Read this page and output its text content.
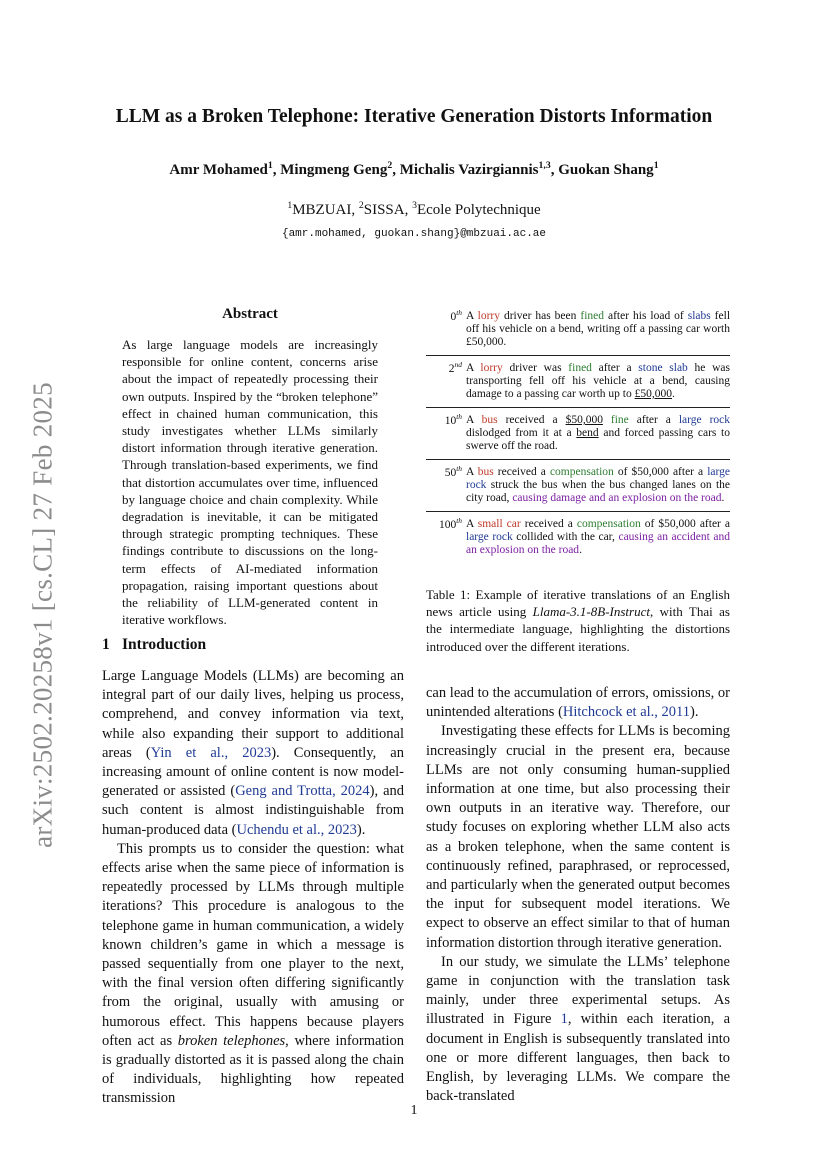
arXiv:2502.20258v1 [cs.CL] 27 Feb 2025
LLM as a Broken Telephone: Iterative Generation Distorts Information
Amr Mohamed$^1$, Mingmeng Geng$^2$, Michalis Vazirgiannis$^{1,3}$, Guokan Shang$^1$
$^1$MBZUAI, $^2$SISSA, $^3$Ecole Polytechnique
{amr.mohamed, guokan.shang}@mbzuai.ac.ae
Abstract
As large language models are increasingly responsible for online content, concerns arise about the impact of repeatedly processing their own outputs. Inspired by the “broken telephone” effect in chained human communication, this study investigates whether LLMs similarly distort information through iterative generation. Through translation-based experiments, we find that distortion accumulates over time, influenced by language choice and chain complexity. While degradation is inevitable, it can be mitigated through strategic prompting techniques. These findings contribute to discussions on the long-term effects of AI-mediated information propagation, raising important questions about the reliability of LLM-generated content in iterative workflows.
1 Introduction

Large Language Models (LLMs) are becoming an integral part of our daily lives, helping us process, comprehend, and convey information via text, while also expanding their support to additional areas (Yin et al., 2023). Consequently, an increasing amount of online content is now model-generated or assisted (Geng and Trotta, 2024), and such content is almost indistinguishable from human-produced data (Uchendu et al., 2023).

This prompts us to consider the question: what effects arise when the same piece of information is repeatedly processed by LLMs through multiple iterations? This procedure is analogous to the telephone game in human communication, a widely known children’s game in which a message is passed sequentially from one player to the next, with the final version often differing significantly from the original, usually with amusing or humorous effect. This happens because players often act as broken telephones, where information is gradually distorted as it is passed along the chain of individuals, highlighting how repeated transmission

0th A lorry driver has been fined after his load of slabs fell off his vehicle on a bend, writing off a passing car worth £50,000.
2nd A lorry driver was fined after a stone slab he was transporting fell off his vehicle at a bend, causing damage to a passing car worth up to £50,000.
10th A bus received a $50,000 fine after a large rock dislodged from it at a bend and forced passing cars to swerve off the road.
50th A bus received a compensation of $50,000 after a large rock struck the bus when the bus changed lanes on the city road, causing damage and an explosion on the road.
100th A small car received a compensation of $50,000 after a large rock collided with the car, causing an accident and an explosion on the road.
Table 1: Example of iterative translations of an English news article using Llama-3.1-8B-Instruct, with Thai as the intermediate language, highlighting the distortions introduced over the different iterations.

can lead to the accumulation of errors, omissions, or unintended alterations (Hitchcock et al., 2011).

Investigating these effects for LLMs is becoming increasingly crucial in the present era, because LLMs are not only consuming human-supplied information at one time, but also processing their own outputs in an iterative way. Therefore, our study focuses on exploring whether LLM also acts as a broken telephone, when the same content is continuously refined, paraphrased, or reprocessed, and particularly when the generated output becomes the input for subsequent model iterations. We expect to observe an effect similar to that of human information distortion through iterative generation.

In our study, we simulate the LLMs’ telephone game in conjunction with the translation task mainly, under three experimental setups. As illustrated in Figure 1, within each iteration, a document in English is subsequently translated into one or more different languages, then back to English, by leveraging LLMs. We compare the back-translated

1
